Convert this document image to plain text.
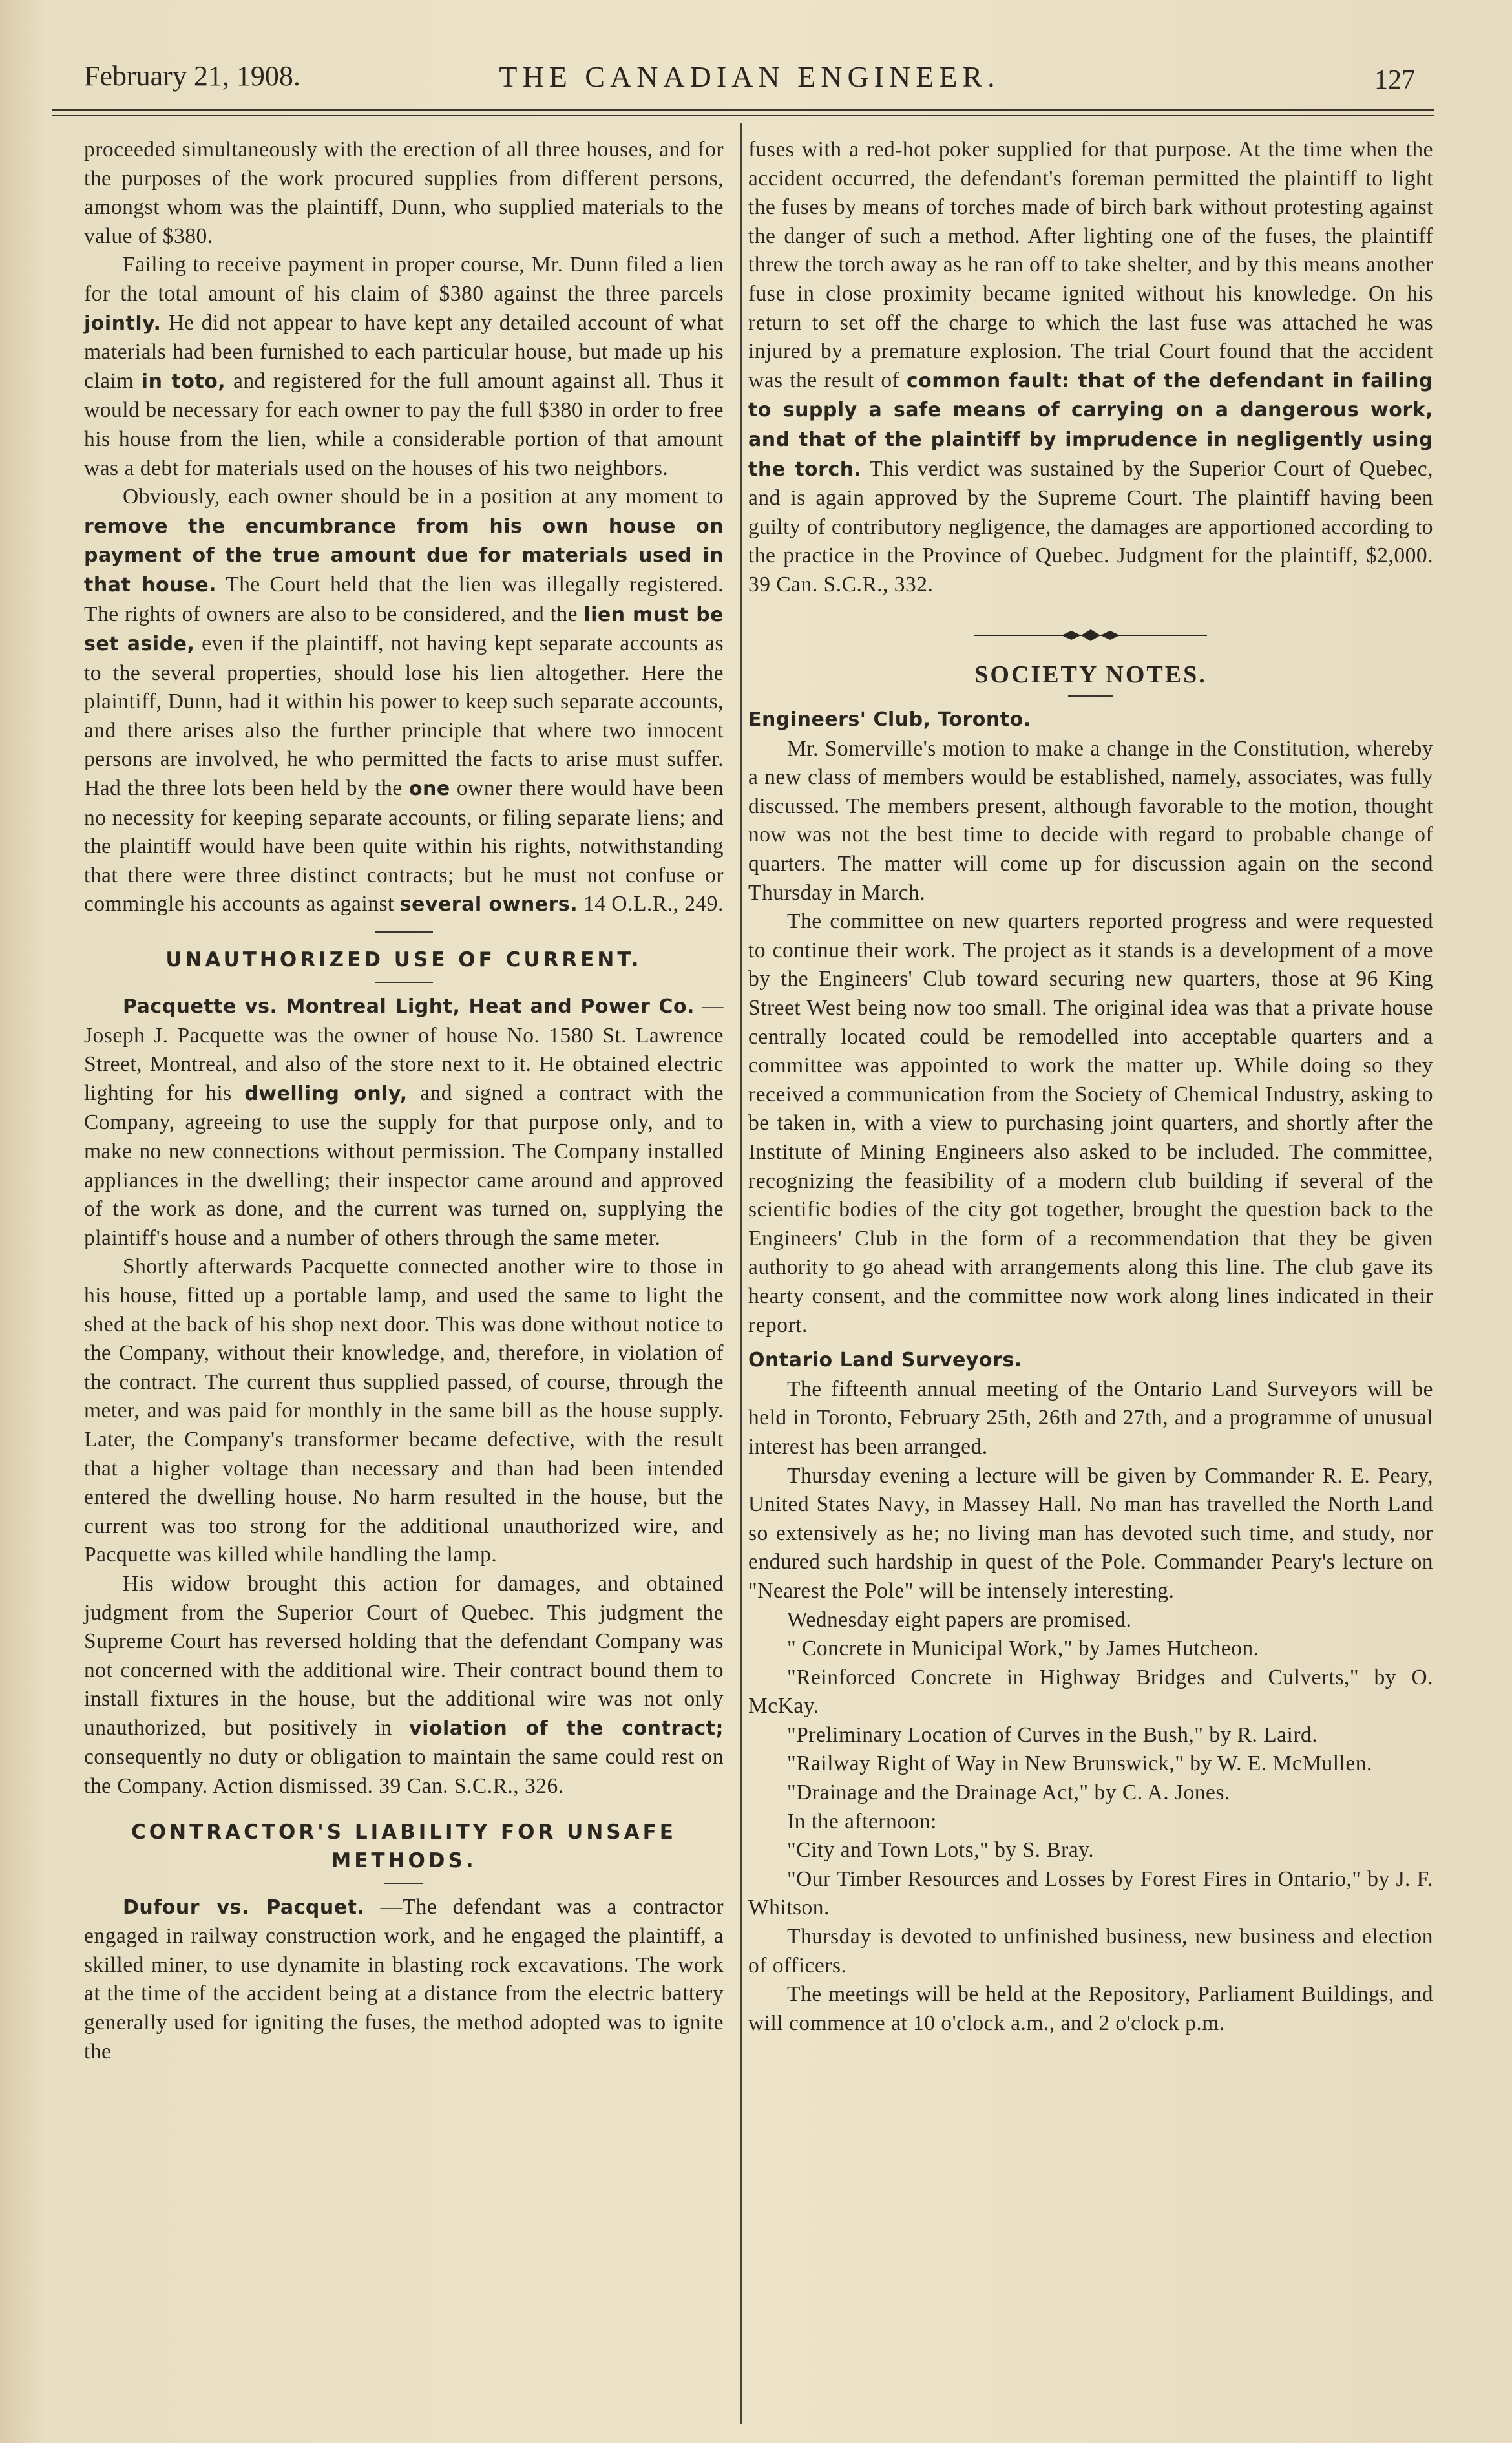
February 21, 1908.	THE CANADIAN ENGINEER.	127

proceeded simultaneously with the erection of all three houses, and for the purposes of the work procured supplies from different persons, amongst whom was the plaintiff, Dunn, who supplied materials to the value of $380.

Failing to receive payment in proper course, Mr. Dunn filed a lien for the total amount of his claim of $380 against the three parcels jointly. He did not appear to have kept any detailed account of what materials had been furnished to each particular house, but made up his claim in toto, and registered for the full amount against all. Thus it would be necessary for each owner to pay the full $380 in order to free his house from the lien, while a considerable portion of that amount was a debt for materials used on the houses of his two neighbors.

Obviously, each owner should be in a position at any moment to remove the encumbrance from his own house on payment of the true amount due for materials used in that house. The Court held that the lien was illegally registered. The rights of owners are also to be considered, and the lien must be set aside, even if the plaintiff, not having kept separate accounts as to the several properties, should lose his lien altogether. Here the plaintiff, Dunn, had it within his power to keep such separate accounts, and there arises also the further principle that where two innocent persons are involved, he who permitted the facts to arise must suffer. Had the three lots been held by the one owner there would have been no necessity for keeping separate accounts, or filing separate liens; and the plaintiff would have been quite within his rights, notwithstanding that there were three distinct contracts; but he must not confuse or commingle his accounts as against several owners. 14 O.L.R., 249.

UNAUTHORIZED USE OF CURRENT.

Pacquette vs. Montreal Light, Heat and Power Co. —Joseph J. Pacquette was the owner of house No. 1580 St. Lawrence Street, Montreal, and also of the store next to it. He obtained electric lighting for his dwelling only, and signed a contract with the Company, agreeing to use the supply for that purpose only, and to make no new connections without permission. The Company installed appliances in the dwelling; their inspector came around and approved of the work as done, and the current was turned on, supplying the plaintiff's house and a number of others through the same meter.

Shortly afterwards Pacquette connected another wire to those in his house, fitted up a portable lamp, and used the same to light the shed at the back of his shop next door. This was done without notice to the Company, without their knowledge, and, therefore, in violation of the contract. The current thus supplied passed, of course, through the meter, and was paid for monthly in the same bill as the house supply. Later, the Company's transformer became defective, with the result that a higher voltage than necessary and than had been intended entered the dwelling house. No harm resulted in the house, but the current was too strong for the additional unauthorized wire, and Pacquette was killed while handling the lamp.

His widow brought this action for damages, and obtained judgment from the Superior Court of Quebec. This judgment the Supreme Court has reversed holding that the defendant Company was not concerned with the additional wire. Their contract bound them to install fixtures in the house, but the additional wire was not only unauthorized, but positively in violation of the contract; consequently no duty or obligation to maintain the same could rest on the Company. Action dismissed. 39 Can. S.C.R., 326.

CONTRACTOR'S LIABILITY FOR UNSAFE
METHODS.

Dufour vs. Pacquet. —The defendant was a contractor engaged in railway construction work, and he engaged the plaintiff, a skilled miner, to use dynamite in blasting rock excavations. The work at the time of the accident being at a distance from the electric battery generally used for igniting the fuses, the method adopted was to ignite the

fuses with a red-hot poker supplied for that purpose. At the time when the accident occurred, the defendant's foreman permitted the plaintiff to light the fuses by means of torches made of birch bark without protesting against the danger of such a method. After lighting one of the fuses, the plaintiff threw the torch away as he ran off to take shelter, and by this means another fuse in close proximity became ignited without his knowledge. On his return to set off the charge to which the last fuse was attached he was injured by a premature explosion. The trial Court found that the accident was the result of common fault: that of the defendant in failing to supply a safe means of carrying on a dangerous work, and that of the plaintiff by imprudence in negligently using the torch. This verdict was sustained by the Superior Court of Quebec, and is again approved by the Supreme Court. The plaintiff having been guilty of contributory negligence, the damages are apportioned according to the practice in the Province of Quebec. Judgment for the plaintiff, $2,000. 39 Can. S.C.R., 332.

SOCIETY NOTES.
Engineers' Club, Toronto.

Mr. Somerville's motion to make a change in the Constitution, whereby a new class of members would be established, namely, associates, was fully discussed. The members present, although favorable to the motion, thought now was not the best time to decide with regard to probable change of quarters. The matter will come up for discussion again on the second Thursday in March.

The committee on new quarters reported progress and were requested to continue their work. The project as it stands is a development of a move by the Engineers' Club toward securing new quarters, those at 96 King Street West being now too small. The original idea was that a private house centrally located could be remodelled into acceptable quarters and a committee was appointed to work the matter up. While doing so they received a communication from the Society of Chemical Industry, asking to be taken in, with a view to purchasing joint quarters, and shortly after the Institute of Mining Engineers also asked to be included. The committee, recognizing the feasibility of a modern club building if several of the scientific bodies of the city got together, brought the question back to the Engineers' Club in the form of a recommendation that they be given authority to go ahead with arrangements along this line. The club gave its hearty consent, and the committee now work along lines indicated in their report.

Ontario Land Surveyors.

The fifteenth annual meeting of the Ontario Land Surveyors will be held in Toronto, February 25th, 26th and 27th, and a programme of unusual interest has been arranged.

Thursday evening a lecture will be given by Commander R. E. Peary, United States Navy, in Massey Hall. No man has travelled the North Land so extensively as he; no living man has devoted such time, and study, nor endured such hardship in quest of the Pole. Commander Peary's lecture on "Nearest the Pole" will be intensely interesting.

Wednesday eight papers are promised.

" Concrete in Municipal Work," by James Hutcheon.

"Reinforced Concrete in Highway Bridges and Culverts," by O. McKay.

"Preliminary Location of Curves in the Bush," by R. Laird.

"Railway Right of Way in New Brunswick," by W. E. McMullen.

"Drainage and the Drainage Act," by C. A. Jones.

In the afternoon:

"City and Town Lots," by S. Bray.

"Our Timber Resources and Losses by Forest Fires in Ontario," by J. F. Whitson.

Thursday is devoted to unfinished business, new business and election of officers.

The meetings will be held at the Repository, Parliament Buildings, and will commence at 10 o'clock a.m., and 2 o'clock p.m.
